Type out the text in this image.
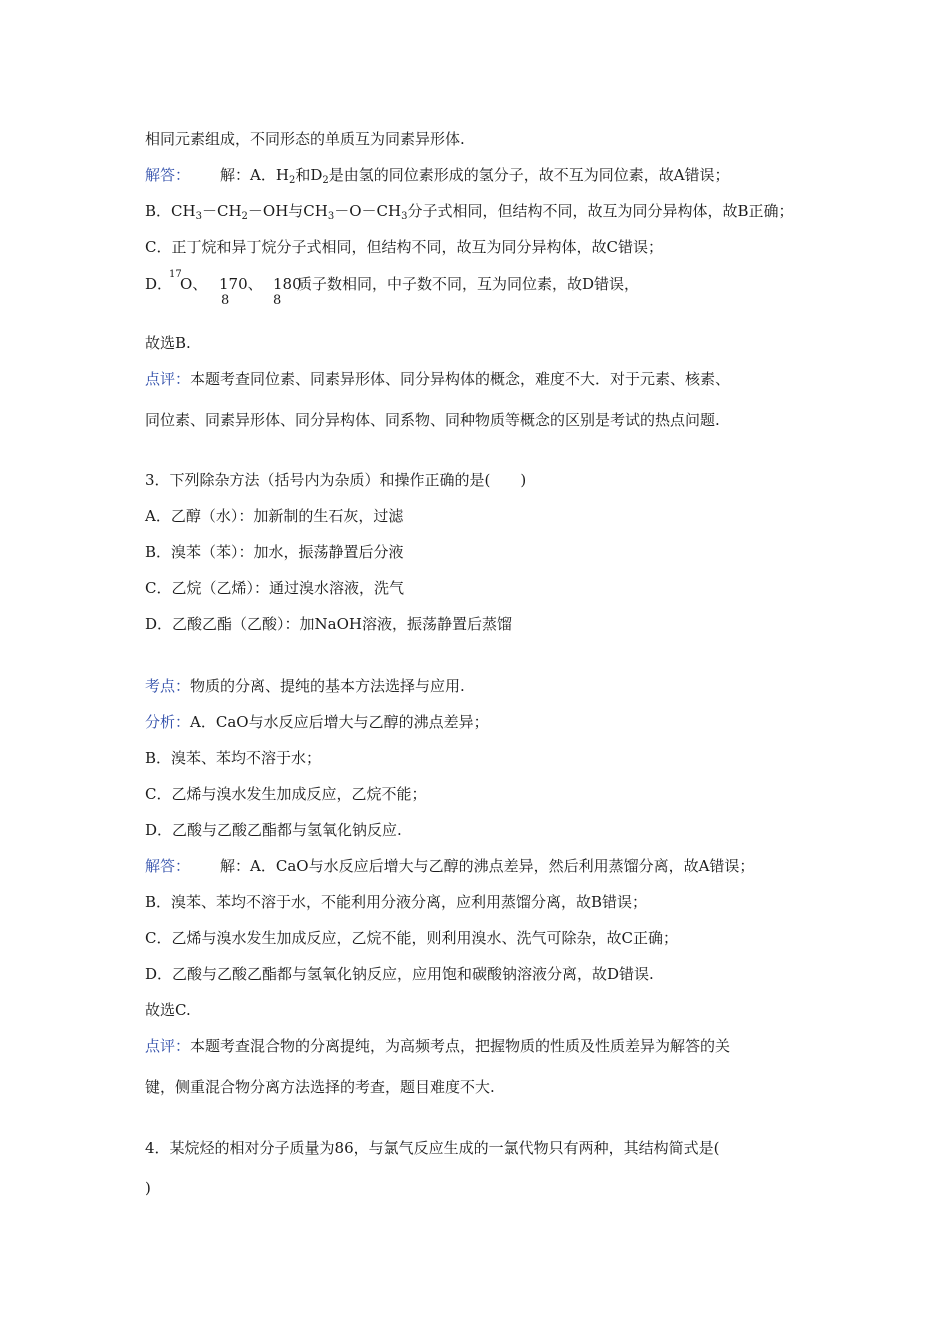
相同元素组成，不同形态的单质互为同素异形体.
解答： 解：A．$H_2$和$D_2$是由氢的同位素形成的氢分子，故不互为同位素，故A错误；
B．$CH_3-CH_2-OH$与$CH_3-O-CH_3$分子式相同，但结构不同，故互为同分异构体，故B正确；
C．正丁烷和异丁烷分子式相同，但结构不同，故互为同分异构体，故C错误；
D．
17
O、 170、
8
180
8
质子数相同，中子数不同，互为同位素，故D错误，
故选B.
点评：本题考查同位素、同素异形体、同分异构体的概念，难度不大．对于元素、核素、
同位素、同素异形体、同分异构体、同系物、同种物质等概念的区别是考试的热点问题.
3．下列除杂方法（括号内为杂质）和操作正确的是(　　)
A．乙醇（水）：加新制的生石灰，过滤
B．溴苯（苯）：加水，振荡静置后分液
C．乙烷（乙烯）：通过溴水溶液，洗气
D．乙酸乙酯（乙酸）：加NaOH溶液，振荡静置后蒸馏
考点：物质的分离、提纯的基本方法选择与应用.
分析：A．CaO与水反应后增大与乙醇的沸点差异；
B．溴苯、苯均不溶于水；
C．乙烯与溴水发生加成反应，乙烷不能；
D．乙酸与乙酸乙酯都与氢氧化钠反应.
解答： 解：A．CaO与水反应后增大与乙醇的沸点差异，然后利用蒸馏分离，故A错误；
B．溴苯、苯均不溶于水，不能利用分液分离，应利用蒸馏分离，故B错误；
C．乙烯与溴水发生加成反应，乙烷不能，则利用溴水、洗气可除杂，故C正确；
D．乙酸与乙酸乙酯都与氢氧化钠反应，应用饱和碳酸钠溶液分离，故D错误.
故选C.
点评：本题考查混合物的分离提纯，为高频考点，把握物质的性质及性质差异为解答的关
键，侧重混合物分离方法选择的考查，题目难度不大.
4．某烷烃的相对分子质量为86，与氯气反应生成的一氯代物只有两种，其结构简式是(
)
